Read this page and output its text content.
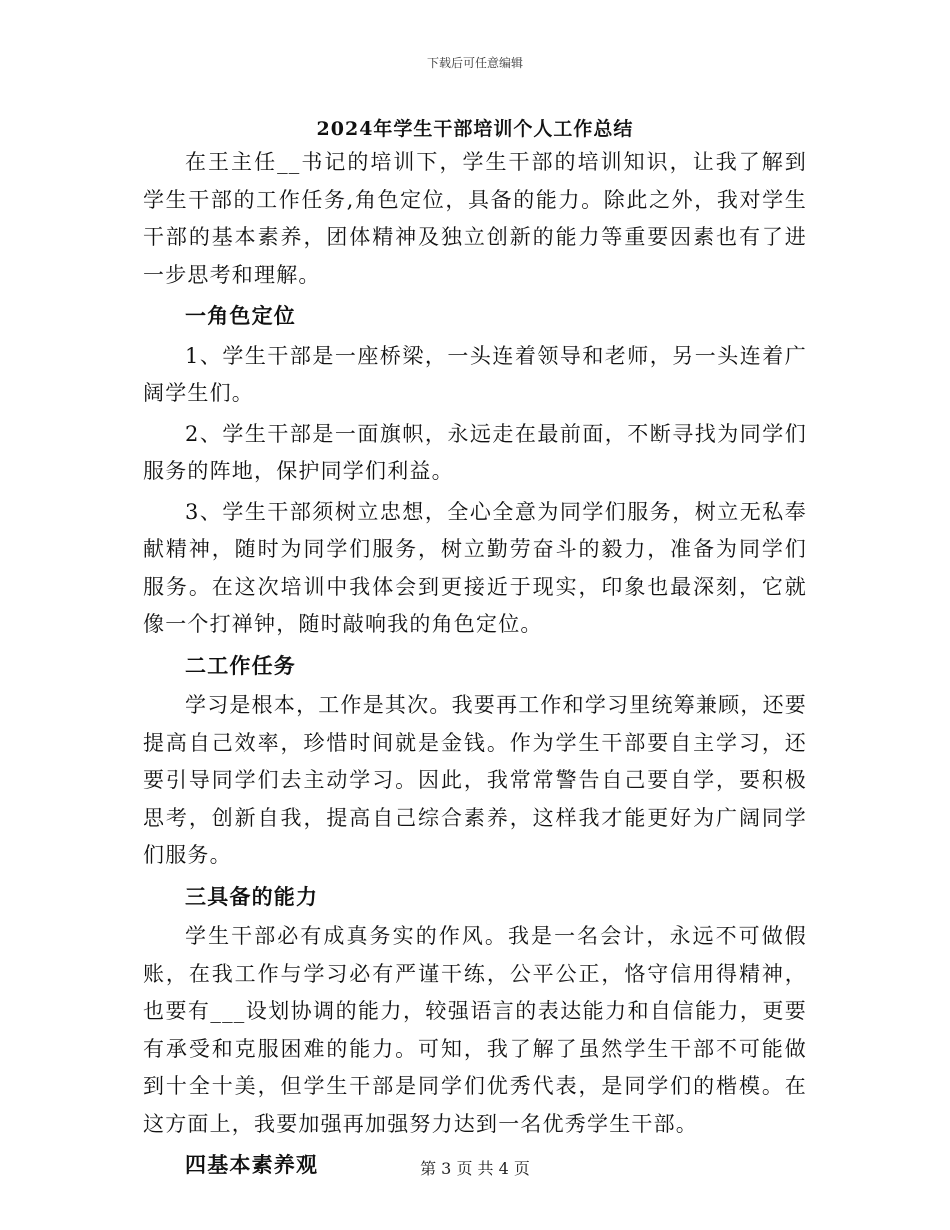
下载后可任意编辑
2024年学生干部培训个人工作总结

在王主任__书记的培训下，学生干部的培训知识，让我了解到学生干部的工作任务,角色定位，具备的能力。除此之外，我对学生干部的基本素养，团体精神及独立创新的能力等重要因素也有了进一步思考和理解。

一角色定位

1、学生干部是一座桥梁，一头连着领导和老师，另一头连着广阔学生们。

2、学生干部是一面旗帜，永远走在最前面，不断寻找为同学们服务的阵地，保护同学们利益。

3、学生干部须树立忠想，全心全意为同学们服务，树立无私奉献精神，随时为同学们服务，树立勤劳奋斗的毅力，准备为同学们服务。在这次培训中我体会到更接近于现实，印象也最深刻，它就像一个打禅钟，随时敲响我的角色定位。

二工作任务

学习是根本，工作是其次。我要再工作和学习里统筹兼顾，还要提高自己效率，珍惜时间就是金钱。作为学生干部要自主学习，还要引导同学们去主动学习。因此，我常常警告自己要自学，要积极思考，创新自我，提高自己综合素养，这样我才能更好为广阔同学们服务。

三具备的能力

学生干部必有成真务实的作风。我是一名会计，永远不可做假账，在我工作与学习必有严谨干练，公平公正，恪守信用得精神，也要有___设划协调的能力，较强语言的表达能力和自信能力，更要有承受和克服困难的能力。可知，我了解了虽然学生干部不可能做到十全十美，但学生干部是同学们优秀代表，是同学们的楷模。在这方面上，我要加强再加强努力达到一名优秀学生干部。

四基本素养观	第 3 页 共 4 页
